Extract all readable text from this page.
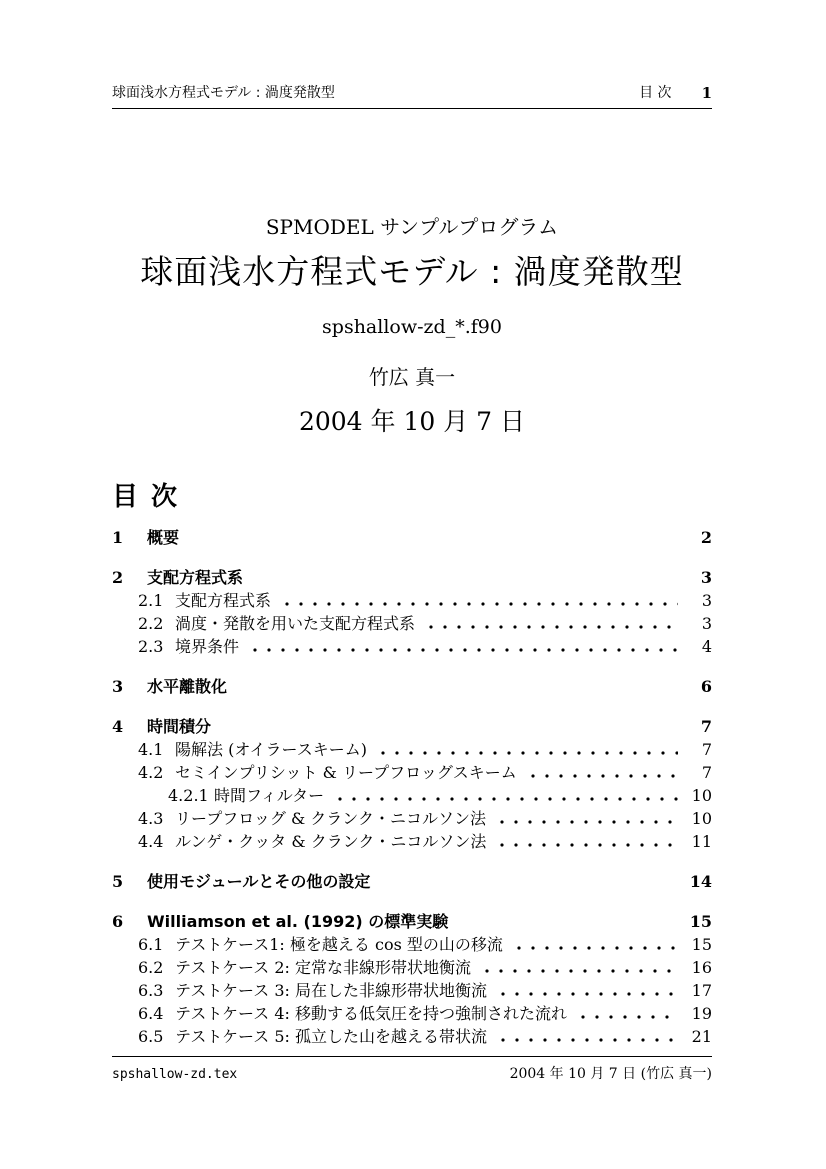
球面浅水方程式モデル : 渦度発散型	目 次 1
SPMODEL サンプルプログラム
球面浅水方程式モデル : 渦度発散型
spshallow-zd_*.f90
竹広 真一
2004 年 10 月 7 日
目 次
1	概要	2
2	支配方程式系	3
2.1 支配方程式系	3
2.2 渦度・発散を用いた支配方程式系	3
2.3 境界条件	4
3	水平離散化	6
4	時間積分	7
4.1 陽解法 (オイラースキーム)	7
4.2 セミインプリシット & リープフロッグスキーム	7
4.2.1 時間フィルター	10
4.3 リープフロッグ & クランク・ニコルソン法	10
4.4 ルンゲ・クッタ & クランク・ニコルソン法	11
5	使用モジュールとその他の設定	14
6	Williamson et al. (1992) の標準実験	15
6.1 テストケース1: 極を越える cos 型の山の移流	15
6.2 テストケース 2: 定常な非線形帯状地衡流	16
6.3 テストケース 3: 局在した非線形帯状地衡流	17
6.4 テストケース 4: 移動する低気圧を持つ強制された流れ	19
6.5 テストケース 5: 孤立した山を越える帯状流	21
spshallow-zd.tex	2004 年 10 月 7 日 (竹広 真一)
